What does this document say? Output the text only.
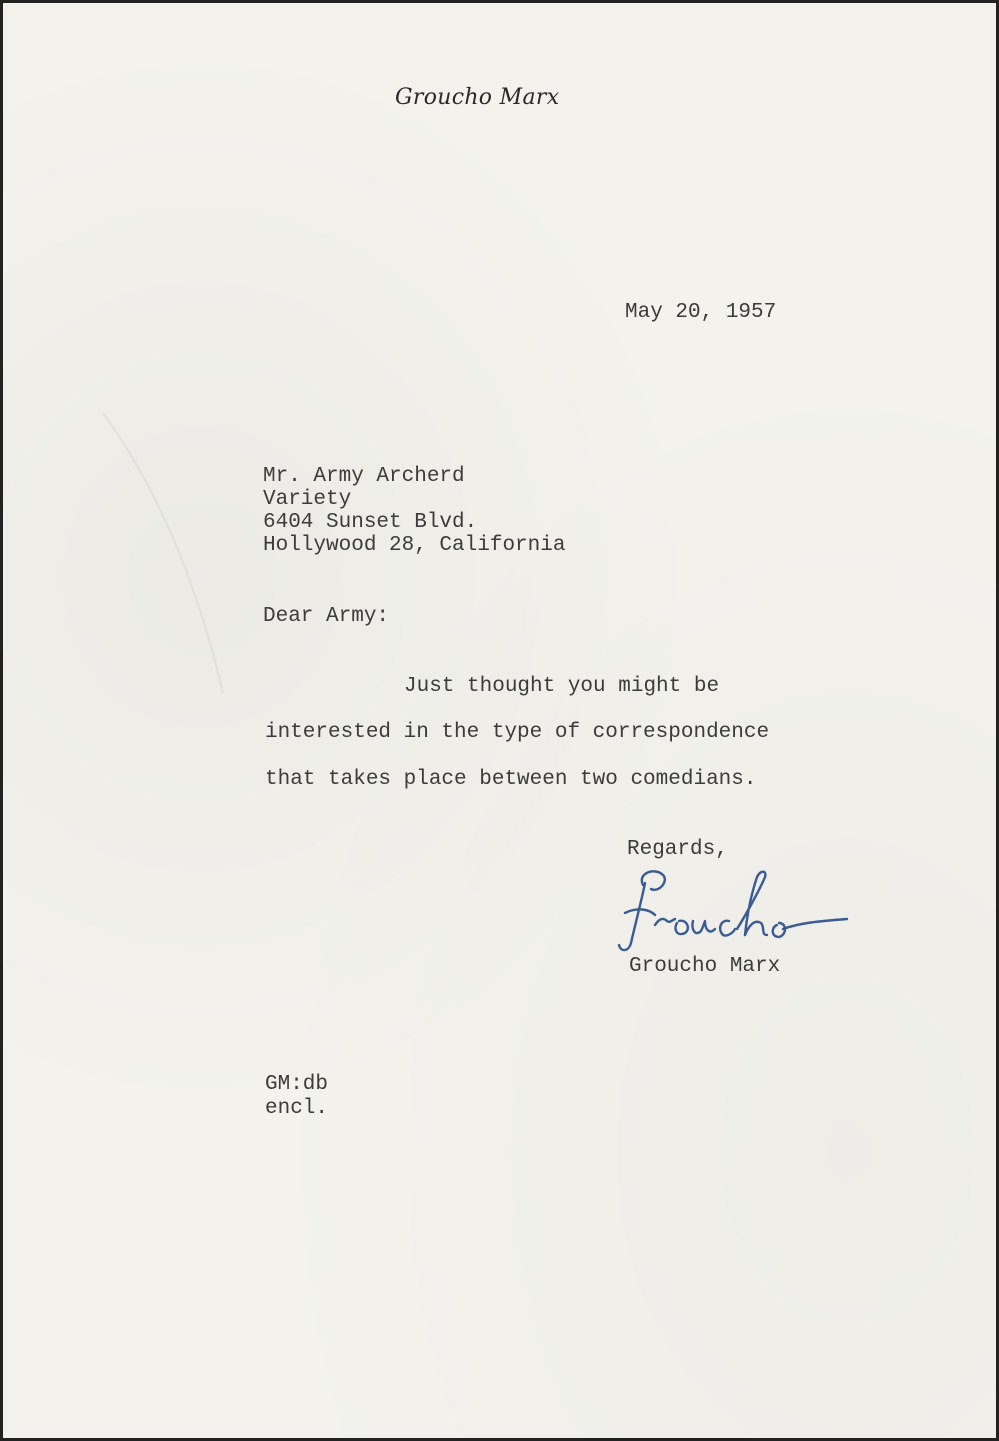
Groucho Marx
May 20, 1957
Mr. Army Archerd
Variety
6404 Sunset Blvd.
Hollywood 28, California
Dear Army:
Just thought you might be
interested in the type of correspondence
that takes place between two comedians.
Regards,
Groucho Marx
GM:db
encl.
